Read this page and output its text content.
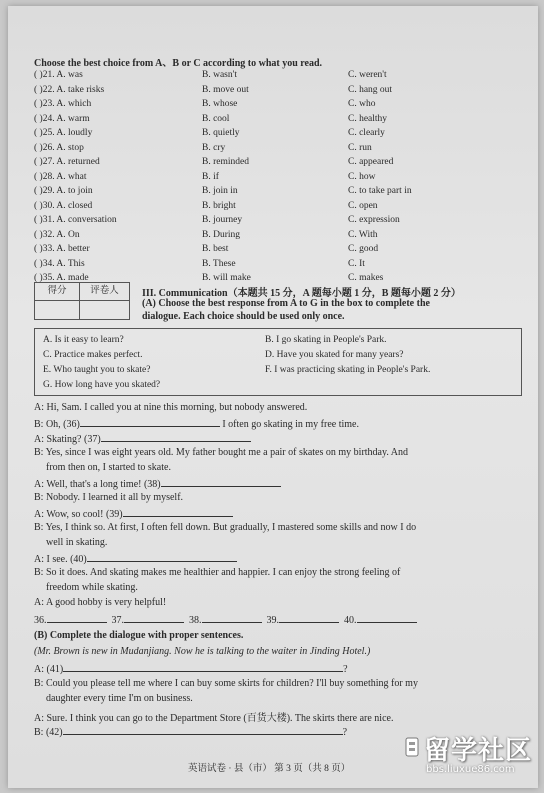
Choose the best choice from A、B or C according to what you read.
( )21. A. was	B. wasn't	C. weren't
( )22. A. take risks	B. move out	C. hang out
( )23. A. which	B. whose	C. who
( )24. A. warm	B. cool	C. healthy
( )25. A. loudly	B. quietly	C. clearly
( )26. A. stop	B. cry	C. run
( )27. A. returned	B. reminded	C. appeared
( )28. A. what	B. if	C. how
( )29. A. to join	B. join in	C. to take part in
( )30. A. closed	B. bright	C. open
( )31. A. conversation	B. journey	C. expression
( )32. A. On	B. During	C. With
( )33. A. better	B. best	C. good
( )34. A. This	B. These	C. It
( )35. A. made	B. will make	C. makes
得分	评卷人	III. Communication（本题共 15 分，A 题每小题 1 分，B 题每小题 2 分）
(A) Choose the best response from A to G in the box to complete the
dialogue. Each choice should be used only once.
A. Is it easy to learn?	B. I go skating in People's Park.
C. Practice makes perfect.	D. Have you skated for many years?
E. Who taught you to skate?	F. I was practicing skating in People's Park.
G. How long have you skated?
A: Hi, Sam. I called you at nine this morning, but nobody answered.
B: Oh, (36)	I often go skating in my free time.
A: Skating? (37)
B: Yes, since I was eight years old. My father bought me a pair of skates on my birthday. And
from then on, I started to skate.
A: Well, that's a long time! (38)
B: Nobody. I learned it all by myself.
A: Wow, so cool! (39)
B: Yes, I think so. At first, I often fell down. But gradually, I mastered some skills and now I do
well in skating.
A: I see. (40)
B: So it does. And skating makes me healthier and happier. I can enjoy the strong feeling of
freedom while skating.
A: A good hobby is very helpful!
36.	37.	38.	39.	40.
(B) Complete the dialogue with proper sentences.
(Mr. Brown is new in Mudanjiang. Now he is talking to the waiter in Jinding Hotel.)
A: (41)	?
B: Could you please tell me where I can buy some skirts for children? I'll buy something for my
daughter every time I'm on business.
A: Sure. I think you can go to the Department Store (百货大楼). The skirts there are nice.
B: (42)	?
英语试卷 · 县（市） 第 3 页（共 8 页）
留学社区
bbs.liuxue86.com
